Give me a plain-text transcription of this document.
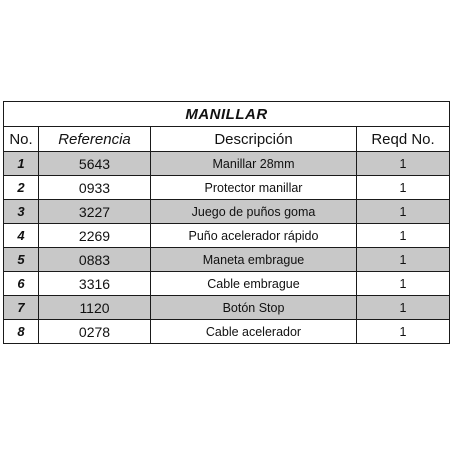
MANILLAR			
No.	Referencia	Descripción	Reqd No.
1	5643	Manillar 28mm	1
2	0933	Protector manillar	1
3	3227	Juego de puños goma	1
4	2269	Puño acelerador rápido	1
5	0883	Maneta embrague	1
6	3316	Cable embrague	1
7	1120	Botón Stop	1
8	0278	Cable acelerador	1
